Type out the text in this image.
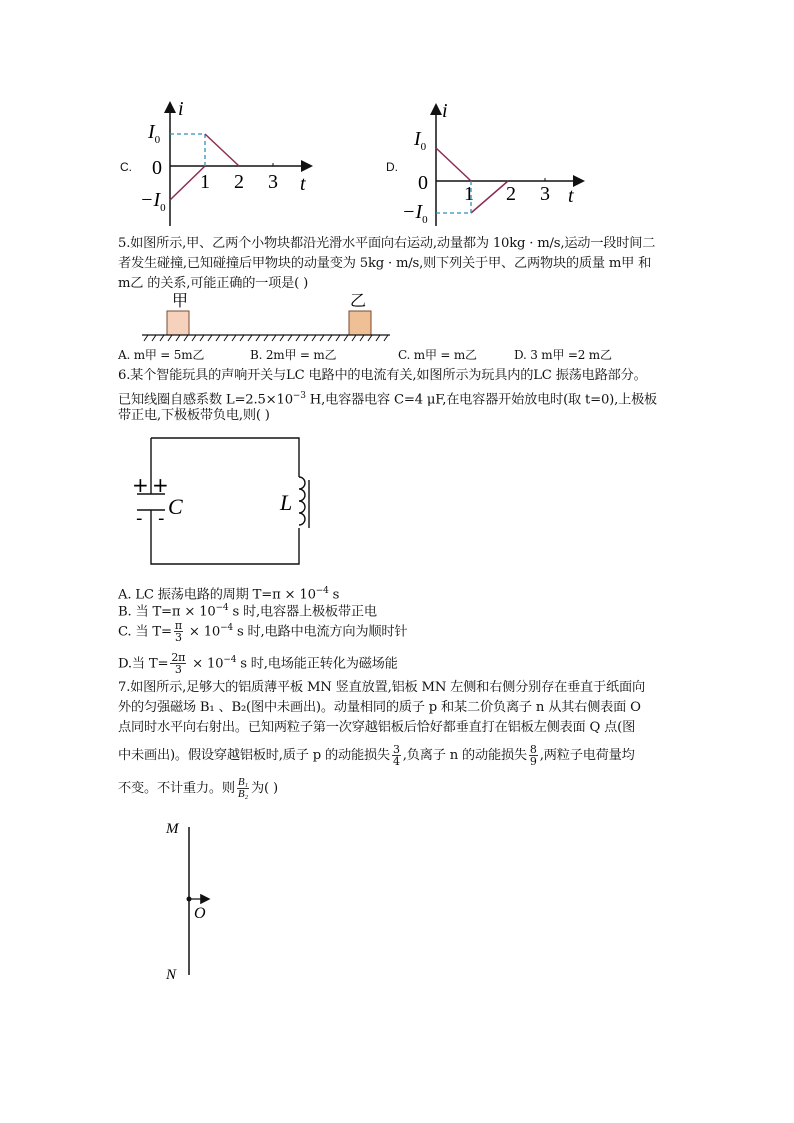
C.
i
$I_0$
0
$-I_0$
1 2 3 t
D.
i
$I_0$
0
$-I_0$
1 2 3 t
5.如图所示,甲、乙两个小物块都沿光滑水平面向右运动,动量都为 10kg · m/s,运动一段时间二
者发生碰撞,已知碰撞后甲物块的动量变为 5kg · m/s,则下列关于甲、乙两物块的质量 m甲 和
m乙 的关系,可能正确的一项是( )
甲	乙
A. m甲 = 5m乙	B. 2m甲 = m乙	C. m甲 = m乙	D. 3 m甲 =2 m乙
6.某个智能玩具的声响开关与LC 电路中的电流有关,如图所示为玩具内的LC 振荡电路部分。
已知线圈自感系数 $L=2.5\times 10^{-3}$ H,电容器电容 C=4 μF,在电容器开始放电时(取 t=0),上极板
带正电,下极板带负电,则( )
+ +
- - C	L
A. LC 振荡电路的周期 $T=\pi \times 10^{-4}$ s
B. 当 $T=\pi \times 10^{-4}$ s 时,电容器上极板带正电
C. 当 $T= \frac{\pi}{3} \times 10^{-4}$ s 时,电路中电流方向为顺时针
D.当 $T= \frac{2\pi}{3} \times 10^{-4}$ s 时,电场能正转化为磁场能
7.如图所示,足够大的铝质薄平板 MN 竖直放置,铝板 MN 左侧和右侧分别存在垂直于纸面向
外的匀强磁场 B₁ 、B₂(图中未画出)。动量相同的质子 p 和某二价负离子 n 从其右侧表面 O
点同时水平向右射出。已知两粒子第一次穿越铝板后恰好都垂直打在铝板左侧表面 Q 点(图
中未画出)。假设穿越铝板时,质子 p 的动能损失 $\frac{3}{4}$ ,负离子 n 的动能损失 $\frac{8}{9}$ ,两粒子电荷量均
不变。不计重力。则 $\frac{\text{B₁}}{\text{B₂}}$ 为( )
M
O
N
